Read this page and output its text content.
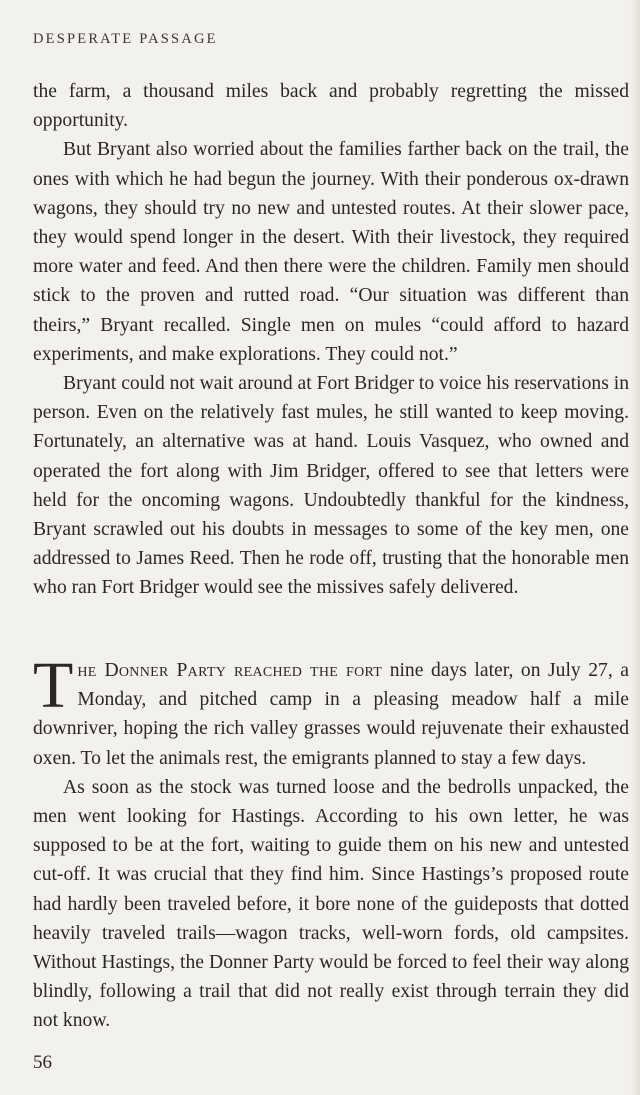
DESPERATE PASSAGE

the farm, a thousand miles back and probably regretting the missed opportunity.

But Bryant also worried about the families farther back on the trail, the ones with which he had begun the journey. With their ponderous ox-drawn wagons, they should try no new and untested routes. At their slower pace, they would spend longer in the desert. With their livestock, they required more water and feed. And then there were the children. Family men should stick to the proven and rutted road. “Our situation was different than theirs,” Bryant recalled. Single men on mules “could afford to hazard experiments, and make explorations. They could not.”

Bryant could not wait around at Fort Bridger to voice his reservations in person. Even on the relatively fast mules, he still wanted to keep moving. Fortunately, an alternative was at hand. Louis Vasquez, who owned and operated the fort along with Jim Bridger, offered to see that letters were held for the oncoming wagons. Undoubtedly thankful for the kindness, Bryant scrawled out his doubts in messages to some of the key men, one addressed to James Reed. Then he rode off, trusting that the honorable men who ran Fort Bridger would see the missives safely delivered.

The Donner Party reached the fort nine days later, on July 27, a Monday, and pitched camp in a pleasing meadow half a mile downriver, hoping the rich valley grasses would rejuvenate their exhausted oxen. To let the animals rest, the emigrants planned to stay a few days.

As soon as the stock was turned loose and the bedrolls unpacked, the men went looking for Hastings. According to his own letter, he was supposed to be at the fort, waiting to guide them on his new and untested cut-off. It was crucial that they find him. Since Hastings’s proposed route had hardly been traveled before, it bore none of the guideposts that dotted heavily traveled trails—wagon tracks, well-worn fords, old campsites. Without Hastings, the Donner Party would be forced to feel their way along blindly, following a trail that did not really exist through terrain they did not know.

56
